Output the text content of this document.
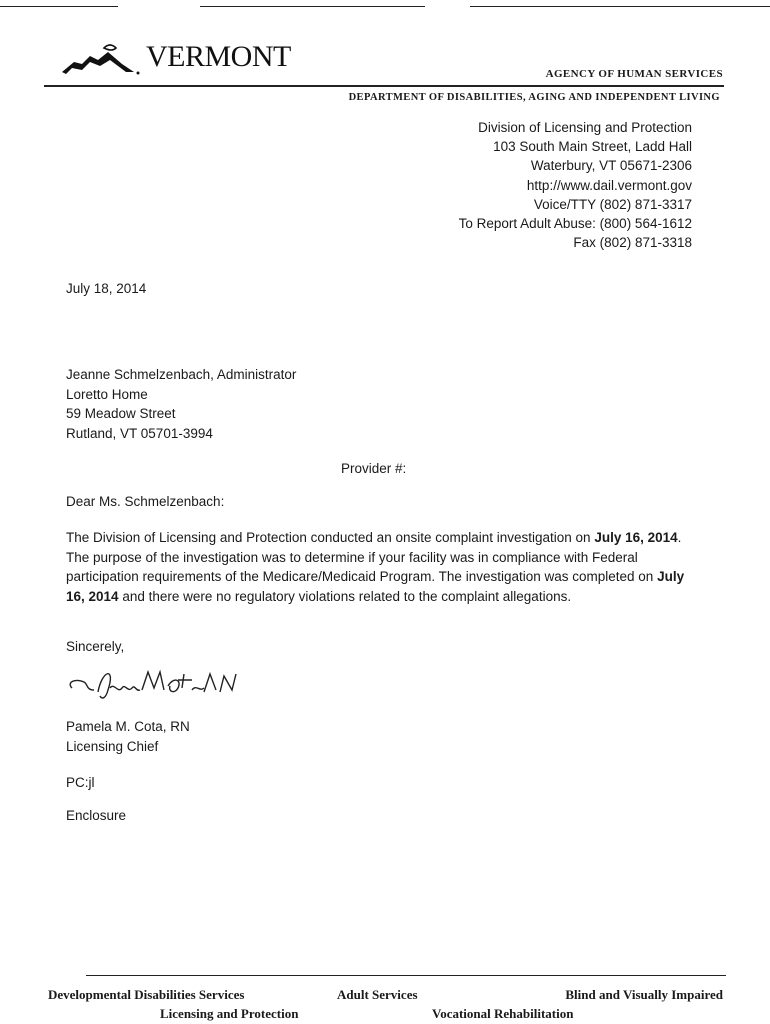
VERMONT
AGENCY OF HUMAN SERVICES
DEPARTMENT OF DISABILITIES, AGING AND INDEPENDENT LIVING
Division of Licensing and Protection
103 South Main Street, Ladd Hall
Waterbury, VT 05671-2306
http://www.dail.vermont.gov
Voice/TTY (802) 871-3317
To Report Adult Abuse: (800) 564-1612
Fax (802) 871-3318
July 18, 2014
Jeanne Schmelzenbach, Administrator
Loretto Home
59 Meadow Street
Rutland, VT 05701-3994
Provider #:
Dear Ms. Schmelzenbach:
The Division of Licensing and Protection conducted an onsite complaint investigation on July 16, 2014. The purpose of the investigation was to determine if your facility was in compliance with Federal participation requirements of the Medicare/Medicaid Program. The investigation was completed on July 16, 2014 and there were no regulatory violations related to the complaint allegations.
Sincerely,
Pamela M. Cota, RN
Licensing Chief
PC:jl
Enclosure
Developmental Disabilities Services	Adult Services	Blind and Visually Impaired
Licensing and Protection	Vocational Rehabilitation
